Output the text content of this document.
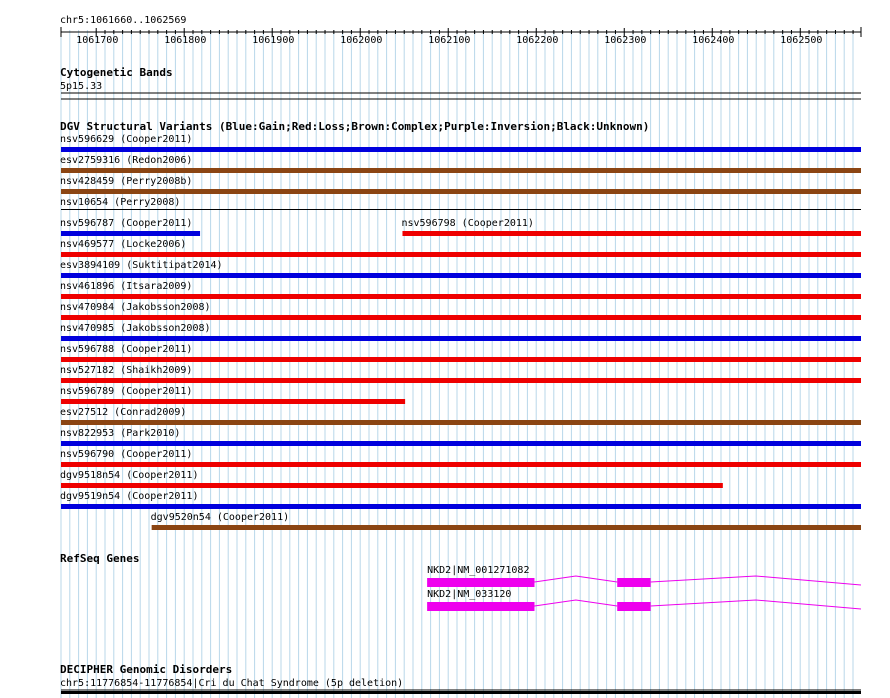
chr5:1061660..1062569
Cytogenetic Bands
5p15.33
DGV Structural Variants (Blue:Gain;Red:Loss;Brown:Complex;Purple:Inversion;Black:Unknown)
RefSeq Genes
DECIPHER Genomic Disorders
chr5:11776854-11776854|Cri du Chat Syndrome (5p deletion)
1061700	1061800	1061900	1062000	1062100	1062200	1062300	1062400	1062500
nsv596629 (Cooper2011)
esv2759316 (Redon2006)
nsv428459 (Perry2008b)
nsv10654 (Perry2008)
nsv596787 (Cooper2011)	nsv596798 (Cooper2011)
nsv469577 (Locke2006)
esv3894109 (Suktitipat2014)
nsv461896 (Itsara2009)
nsv470984 (Jakobsson2008)
nsv470985 (Jakobsson2008)
nsv596788 (Cooper2011)
nsv527182 (Shaikh2009)
nsv596789 (Cooper2011)
esv27512 (Conrad2009)
nsv822953 (Park2010)
nsv596790 (Cooper2011)
dgv9518n54 (Cooper2011)
dgv9519n54 (Cooper2011)
dgv9520n54 (Cooper2011)
NKD2|NM_001271082
NKD2|NM_033120
